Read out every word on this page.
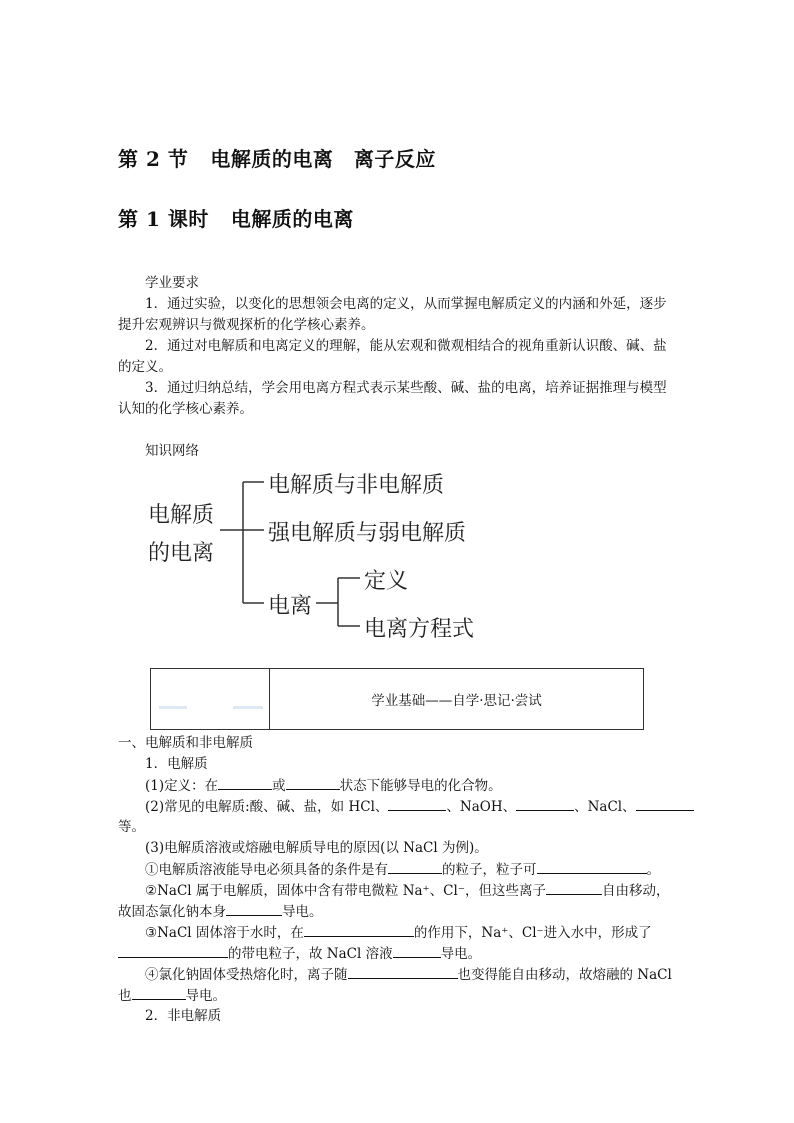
第 2 节 电解质的电离　离子反应
第 1 课时 电解质的电离
学业要求
1．通过实验，以变化的思想领会电离的定义，从而掌握电解质定义的内涵和外延，逐步
提升宏观辨识与微观探析的化学核心素养。
2．通过对电解质和电离定义的理解，能从宏观和微观相结合的视角重新认识酸、碱、盐
的定义。
3．通过归纳总结，学会用电离方程式表示某些酸、碱、盐的电离，培养证据推理与模型
认知的化学核心素养。
知识网络
电解质
的电离
电解质与非电解质
强电解质与弱电解质
电离
定义
电离方程式
学业基础——自学·思记·尝试
一、电解质和非电解质
1．电解质
(1)定义：在	或	状态下能够导电的化合物。
(2)常见的电解质:酸、碱、盐，如 HCl、	、NaOH、	、NaCl、
等。
(3)电解质溶液或熔融电解质导电的原因(以 NaCl 为例)。
①电解质溶液能导电必须具备的条件是有	的粒子，粒子可	。
②NaCl 属于电解质，固体中含有带电微粒 Na⁺、Cl⁻，但这些离子	自由移动，
故固态氯化钠本身	导电。
③NaCl 固体溶于水时，在	的作用下，Na⁺、Cl⁻进入水中，形成了
的带电粒子，故 NaCl 溶液	导电。
④氯化钠固体受热熔化时，离子随	也变得能自由移动，故熔融的 NaCl
也	导电。
2．非电解质
